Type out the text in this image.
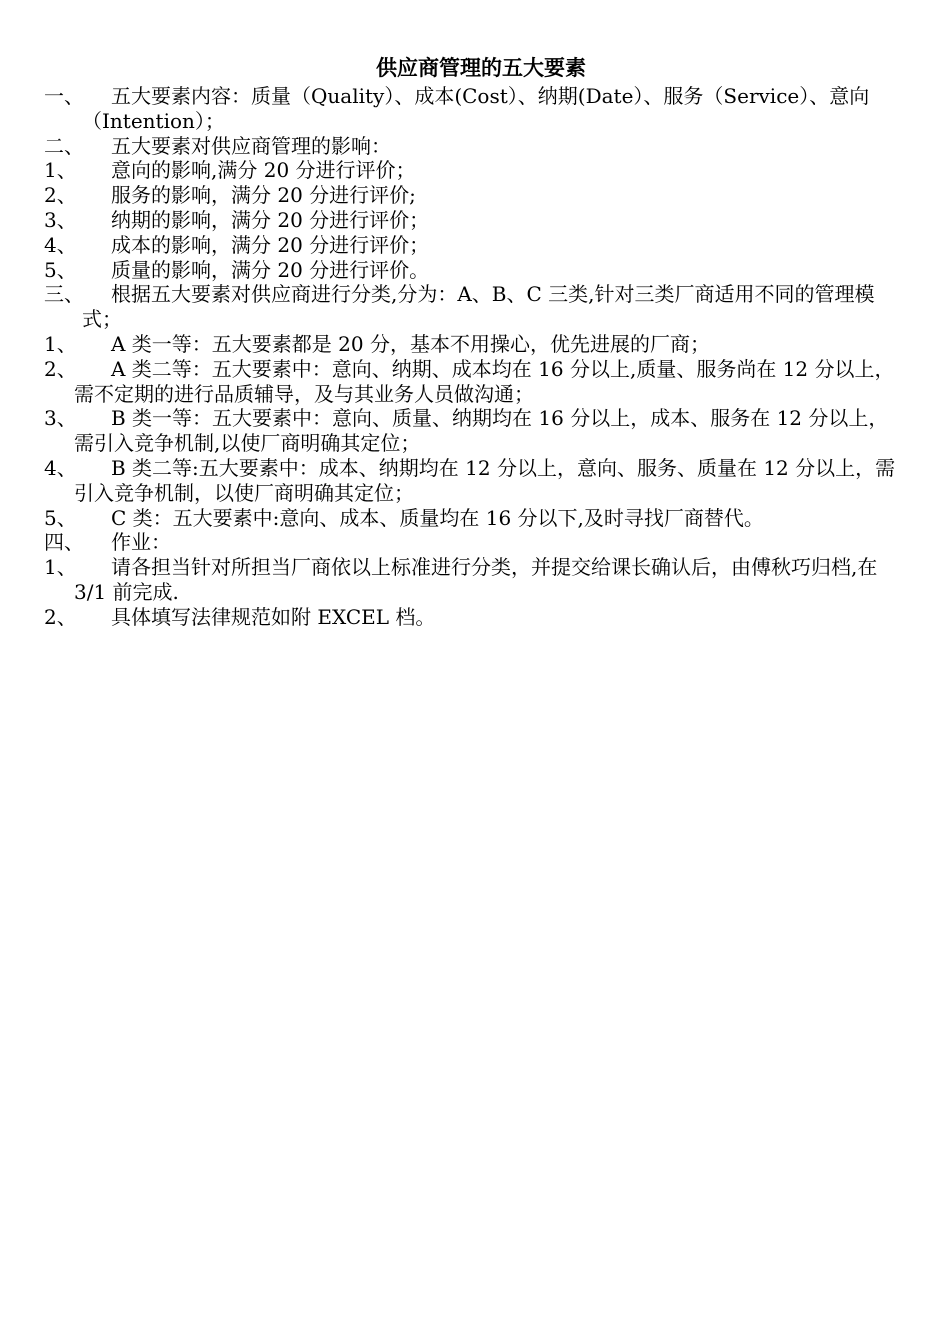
供应商管理的五大要素
一、 五大要素内容：质量（Quality）、成本(Cost）、纳期(Date）、服务（Service）、意向（Intention）；
二、 五大要素对供应商管理的影响：
1、 意向的影响,满分 20 分进行评价；
2、 服务的影响，满分 20 分进行评价;
3、 纳期的影响，满分 20 分进行评价；
4、 成本的影响，满分 20 分进行评价；
5、 质量的影响，满分 20 分进行评价。
三、 根据五大要素对供应商进行分类,分为：A、B、C 三类,针对三类厂商适用不同的管理模式；
1、 A 类一等：五大要素都是 20 分，基本不用操心，优先进展的厂商；
2、 A 类二等：五大要素中：意向、纳期、成本均在 16 分以上,质量、服务尚在 12 分以上，需不定期的进行品质辅导，及与其业务人员做沟通；
3、 B 类一等：五大要素中：意向、质量、纳期均在 16 分以上，成本、服务在 12 分以上，需引入竞争机制,以使厂商明确其定位；
4、 B 类二等:五大要素中：成本、纳期均在 12 分以上，意向、服务、质量在 12 分以上，需引入竞争机制，以使厂商明确其定位；
5、 C 类：五大要素中:意向、成本、质量均在 16 分以下,及时寻找厂商替代。
四、 作业：
1、 请各担当针对所担当厂商依以上标准进行分类，并提交给课长确认后，由傅秋巧归档,在 3/1 前完成.
2、 具体填写法律规范如附 EXCEL 档。
